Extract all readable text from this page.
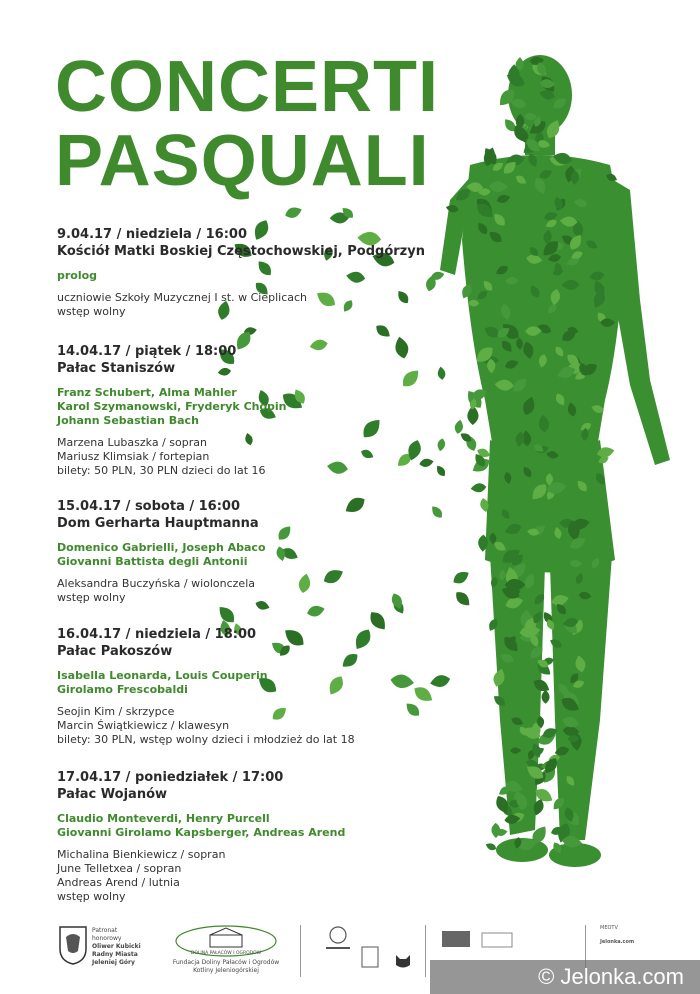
CONCERTI
PASQUALI
9.04.17 / niedziela / 16:00
Kościół Matki Boskiej Częstochowskiej, Podgórzyn
prolog
uczniowie Szkoły Muzycznej I st. w Cieplicach
wstęp wolny
14.04.17 / piątek / 18:00
Pałac Staniszów
Franz Schubert, Alma Mahler
Karol Szymanowski, Fryderyk Chopin
Johann Sebastian Bach
Marzena Lubaszka / sopran
Mariusz Klimsiak / fortepian
bilety: 50 PLN, 30 PLN dzieci do lat 16
15.04.17 / sobota / 16:00
Dom Gerharta Hauptmanna
Domenico Gabrielli, Joseph Abaco
Giovanni Battista degli Antonii
Aleksandra Buczyńska / wiolonczela
wstęp wolny
16.04.17 / niedziela / 18:00
Pałac Pakoszów
Isabella Leonarda, Louis Couperin
Girolamo Frescobaldi
Seojin Kim / skrzypce
Marcin Świątkiewicz / klawesyn
bilety: 30 PLN, wstęp wolny dzieci i młodzież do lat 18
17.04.17 / poniedziałek / 17:00
Pałac Wojanów
Claudio Monteverdi, Henry Purcell
Giovanni Girolamo Kapsberger, Andreas Arend
Michalina Bienkiewicz / sopran
June Telletxea / sopran
Andreas Arend / lutnia
wstęp wolny
Patronat
honorowy
Oliwer Kubicki
Radny Miasta
Jeleniej Góry
DOLINA PAŁACÓW I OGRODÓW
Fundacja Doliny Pałaców i Ogrodów
Kotliny Jeleniogórskiej
MEOTV
Jelonka.com
© Jelonka.com
